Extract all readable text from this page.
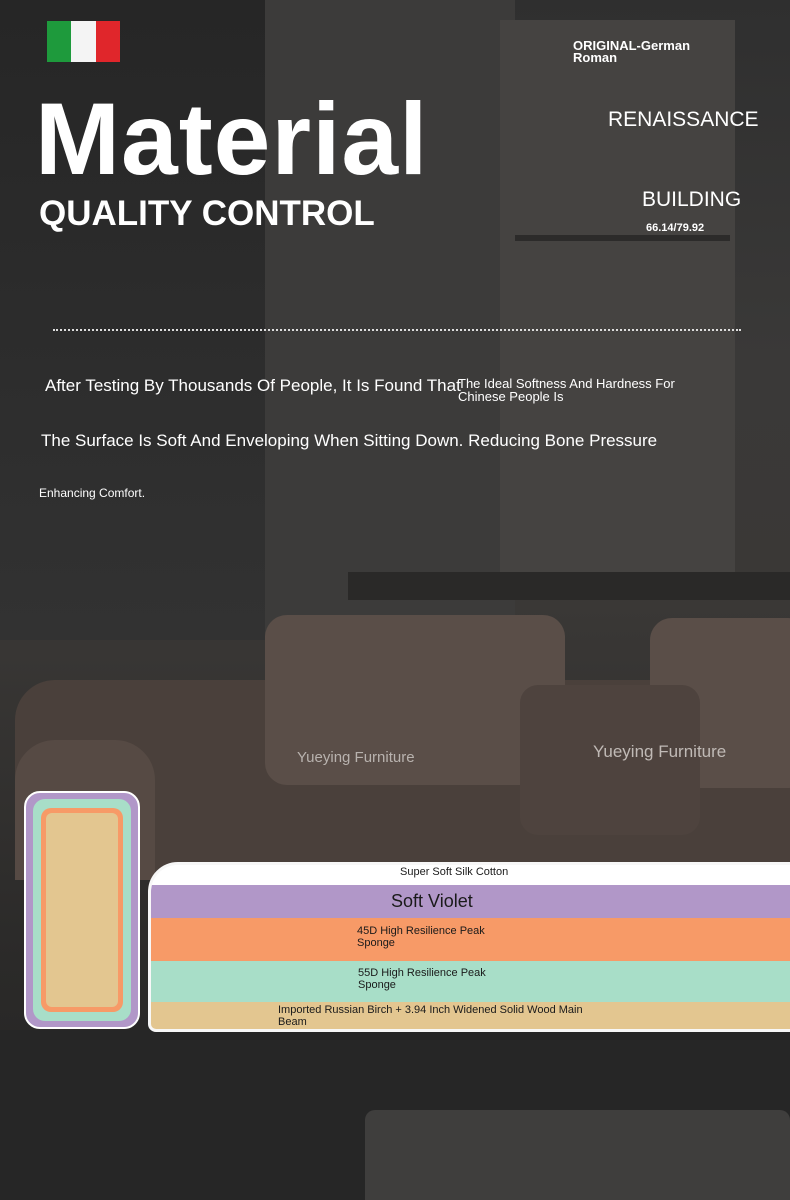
ORIGINAL-German Roman
RENAISSANCE
BUILDING
66.14/79.92
Material
QUALITY CONTROL
After Testing By Thousands Of People, It Is Found That
The Ideal Softness And Hardness For Chinese People Is
The Surface Is Soft And Enveloping When Sitting Down. Reducing Bone Pressure
Enhancing Comfort.
Yueying Furniture	Yueying Furniture
Super Soft Silk Cotton
Soft Violet
45D High Resilience Peak Sponge
55D High Resilience Peak Sponge
Imported Russian Birch + 3.94 Inch Widened Solid Wood Main Beam
